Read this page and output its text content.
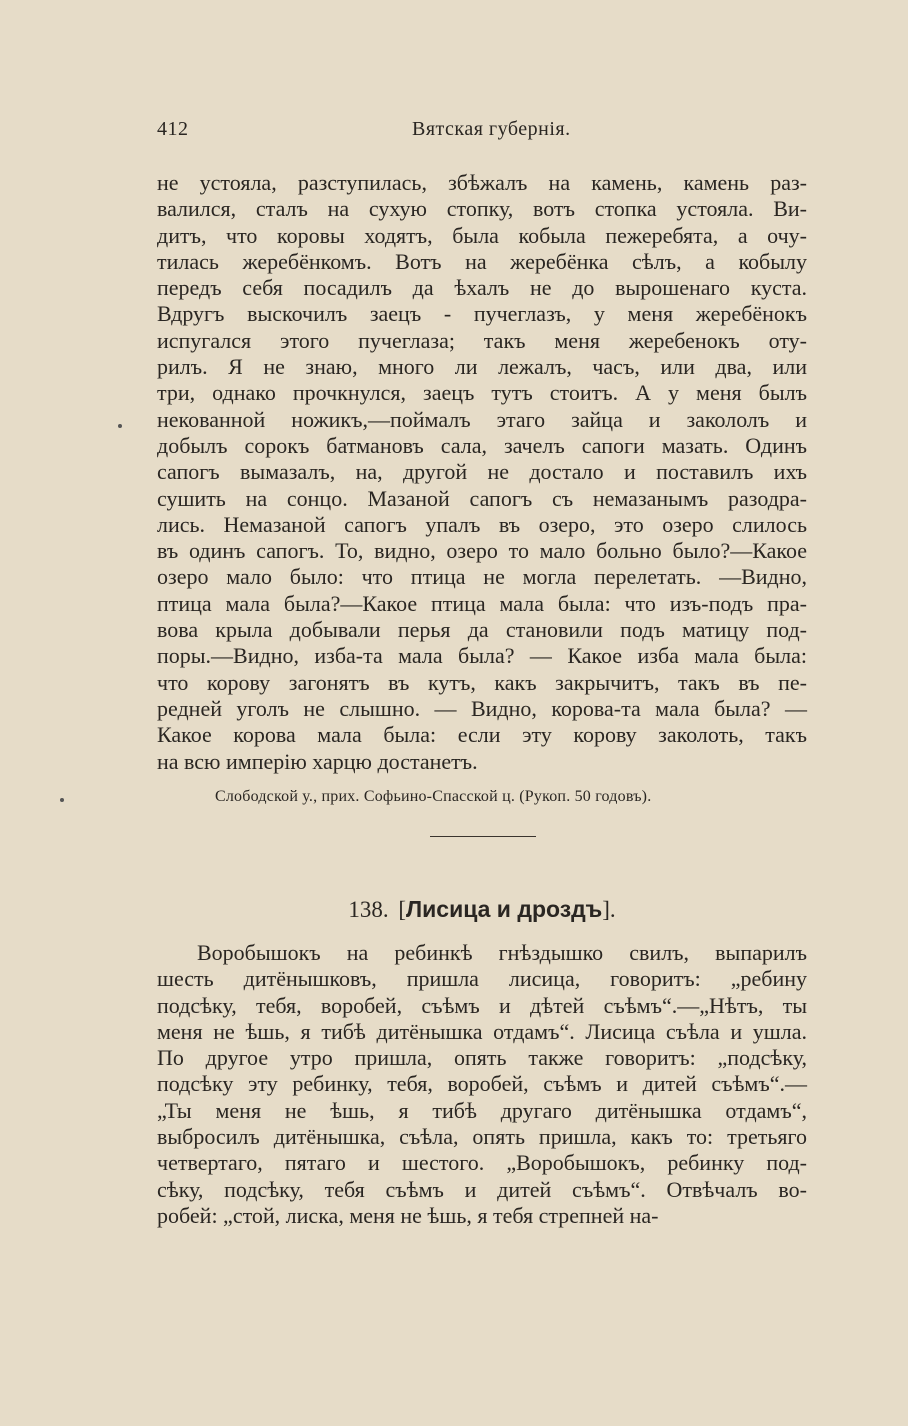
412	Вятская губернія.
не устояла, разступилась, збѣжалъ на камень, камень раз-
валился, сталъ на сухую стопку, вотъ стопка устояла. Ви-
дитъ, что коровы ходятъ, была кобыла пежеребята, а очу-
тилась жеребёнкомъ. Вотъ на жеребёнка сѣлъ, а кобылу
передъ себя посадилъ да ѣхалъ не до вырошенаго куста.
Вдругъ выскочилъ заецъ - пучеглазъ, у меня жеребёнокъ
испугался этого пучеглаза; такъ меня жеребенокъ оту-
рилъ. Я не знаю, много ли лежалъ, часъ, или два, или
три, однако прочкнулся, заецъ тутъ стоитъ. А у меня былъ
некованной ножикъ,—поймалъ этаго зайца и закололъ и
добылъ сорокъ батмановъ сала, зачелъ сапоги мазать. Одинъ
сапогъ вымазалъ, на, другой не достало и поставилъ ихъ
сушить на сонцо. Мазаной сапогъ съ немазанымъ разодра-
лись. Немазаной сапогъ упалъ въ озеро, это озеро слилось
въ одинъ сапогъ. То, видно, озеро то мало больно было?—Какое
озеро мало было: что птица не могла перелетать. —Видно,
птица мала была?—Какое птица мала была: что изъ-подъ пра-
вова крыла добывали перья да становили подъ матицу под-
поры.—Видно, изба-та мала была? — Какое изба мала была:
что корову загонятъ въ кутъ, какъ закрычитъ, такъ въ пе-
редней уголъ не слышно. — Видно, корова-та мала была? —
Какое корова мала была: если эту корову заколоть, такъ
на всю имперію харцю достанетъ.
Слободской у., прих. Софьино-Спасской ц. (Рукоп. 50 годовъ).
138. [Лисица и дроздъ].
Воробышокъ на ребинкѣ гнѣздышко свилъ, выпарилъ
шесть дитёнышковъ, пришла лисица, говоритъ: „ребину
подсѣку, тебя, воробей, съѣмъ и дѣтей съѣмъ“.—„Нѣтъ, ты
меня не ѣшь, я тибѣ дитёнышка отдамъ“. Лисица съѣла и ушла.
По другое утро пришла, опять также говоритъ: „подсѣку,
подсѣку эту ребинку, тебя, воробей, съѣмъ и дитей съѣмъ“.—
„Ты меня не ѣшь, я тибѣ другаго дитёнышка отдамъ“,
выбросилъ дитёнышка, съѣла, опять пришла, какъ то: третьяго
четвертаго, пятаго и шестого. „Воробышокъ, ребинку под-
сѣку, подсѣку, тебя съѣмъ и дитей съѣмъ“. Отвѣчалъ во-
робей: „стой, лиска, меня не ѣшь, я тебя стрепней на-
